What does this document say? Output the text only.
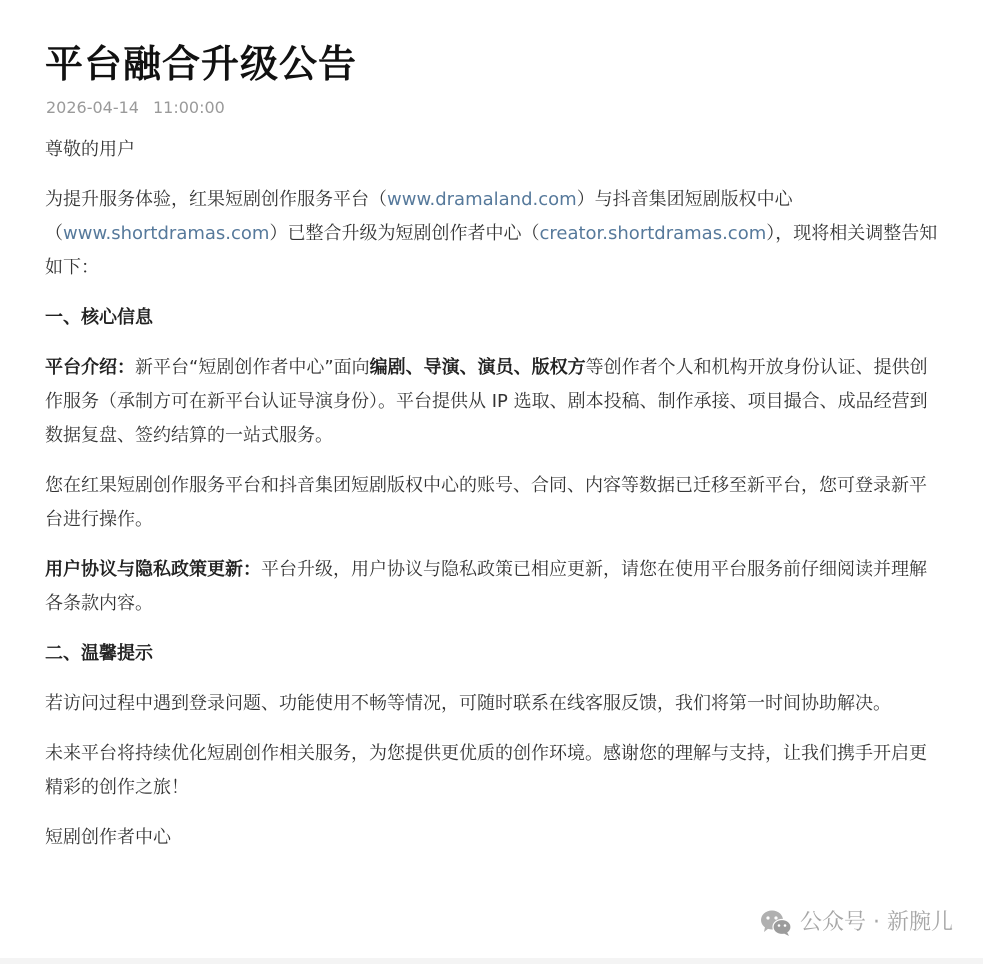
平台融合升级公告
2026-04-14 11:00:00

尊敬的用户

为提升服务体验，红果短剧创作服务平台（www.dramaland.com）与抖音集团短剧版权中心（www.shortdramas.com）已整合升级为短剧创作者中心（creator.shortdramas.com），现将相关调整告知如下：

一、核心信息

平台介绍：新平台“短剧创作者中心”面向编剧、导演、演员、版权方等创作者个人和机构开放身份认证、提供创作服务（承制方可在新平台认证导演身份）。平台提供从 IP 选取、剧本投稿、制作承接、项目撮合、成品经营到数据复盘、签约结算的一站式服务。

您在红果短剧创作服务平台和抖音集团短剧版权中心的账号、合同、内容等数据已迁移至新平台，您可登录新平台进行操作。

用户协议与隐私政策更新：平台升级，用户协议与隐私政策已相应更新，请您在使用平台服务前仔细阅读并理解各条款内容。

二、温馨提示

若访问过程中遇到登录问题、功能使用不畅等情况，可随时联系在线客服反馈，我们将第一时间协助解决。

未来平台将持续优化短剧创作相关服务，为您提供更优质的创作环境。感谢您的理解与支持，让我们携手开启更精彩的创作之旅！

短剧创作者中心

公众号 · 新腕儿
